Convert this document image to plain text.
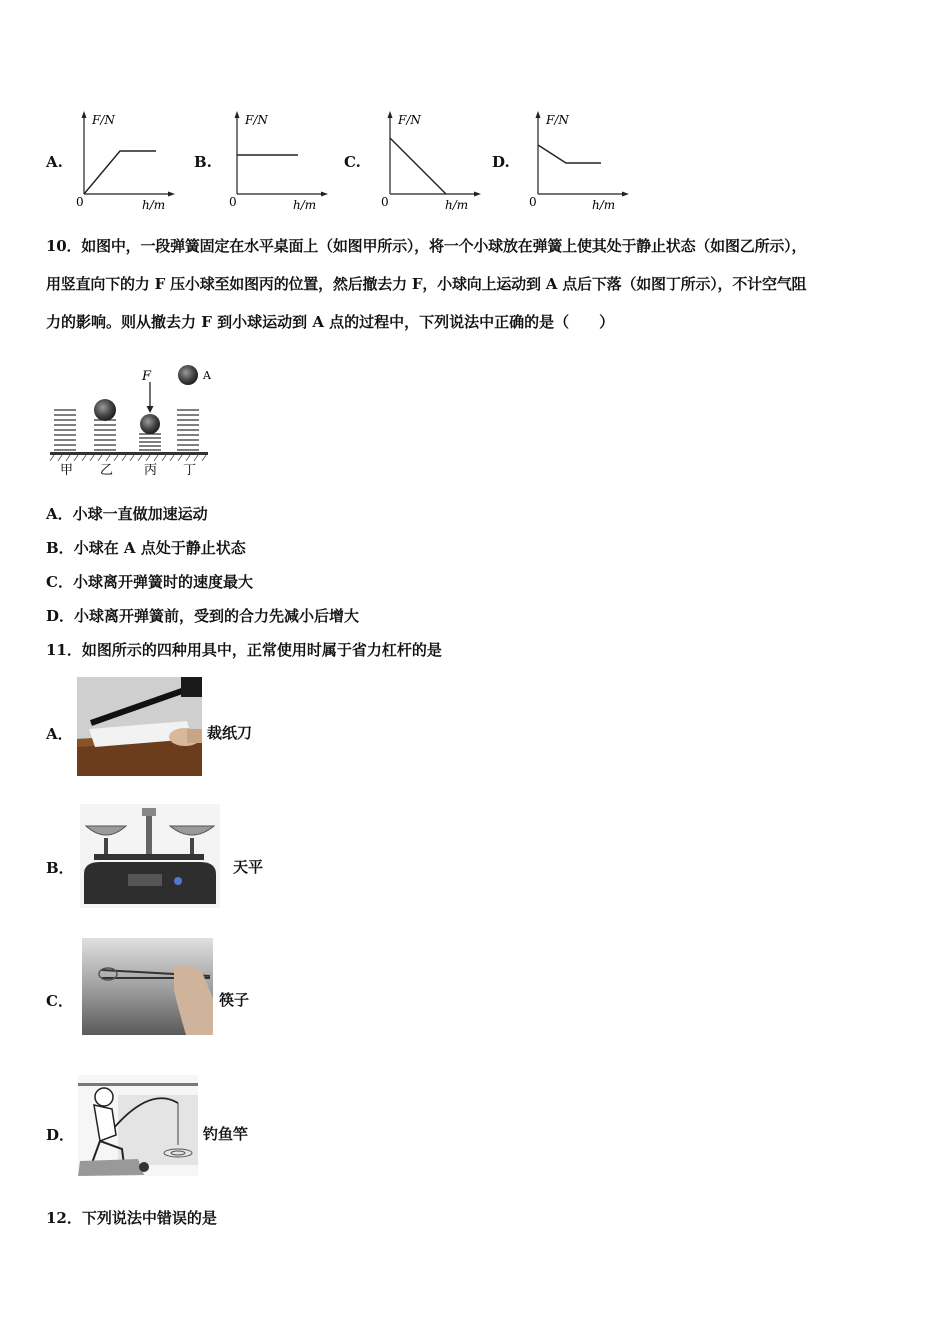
A.
F/N
0	h/m
B.
F/N
0	h/m
C.
F/N
0	h/m
D.
F/N
0	h/m
10．如图中，一段弹簧固定在水平桌面上（如图甲所示），将一个小球放在弹簧上使其处于静止状态（如图乙所示），
用竖直向下的力 F 压小球至如图丙的位置，然后撤去力 F，小球向上运动到 A 点后下落（如图丁所示），不计空气阻
力的影响。则从撤去力 F 到小球运动到 A 点的过程中，下列说法中正确的是（　　）
F	A
甲 乙 丙 丁
A．小球一直做加速运动
B．小球在 A 点处于静止状态
C．小球离开弹簧时的速度最大
D．小球离开弹簧前，受到的合力先减小后增大
11．如图所示的四种用具中，正常使用时属于省力杠杆的是
A．	裁纸刀
B．	天平
C．	筷子
D．	钓鱼竿
12．下列说法中错误的是
